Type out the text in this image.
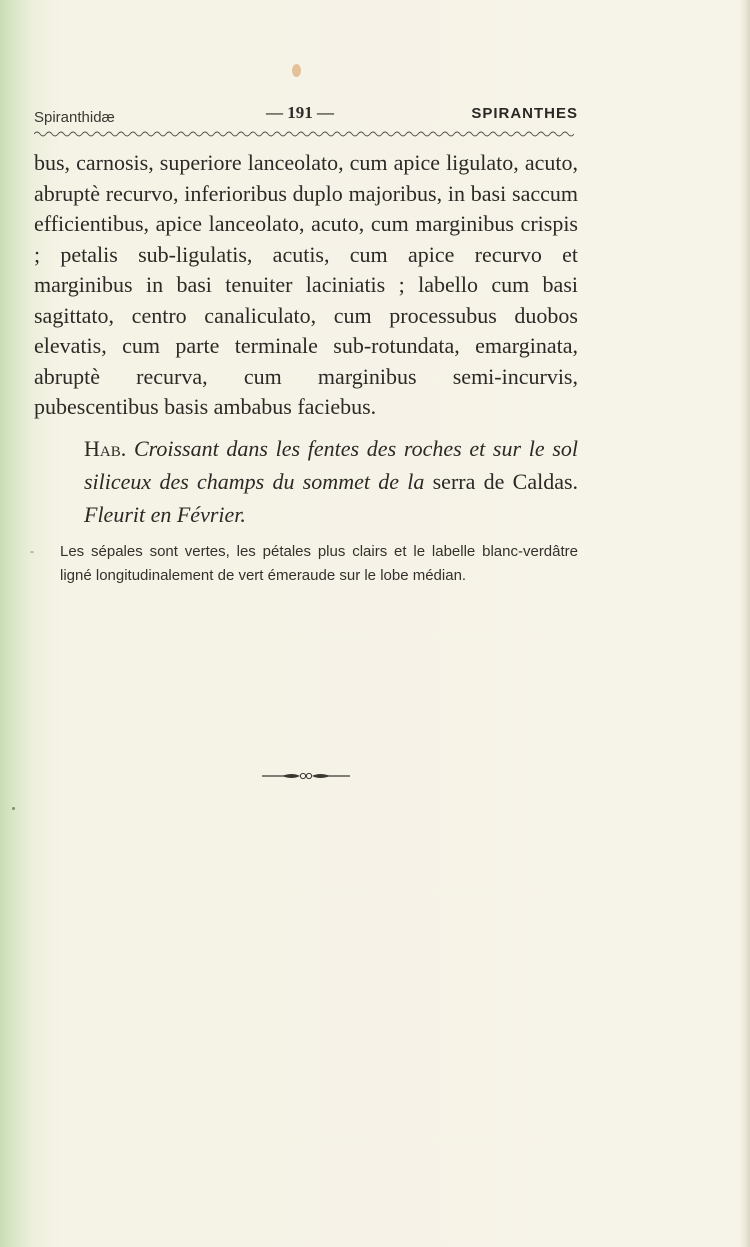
Spiranthidæ	— 191 —	SPIRANTHES

bus, carnosis, superiore lanceolato, cum apice ligulato, acuto, abruptè recurvo, inferioribus duplo majoribus, in basi saccum efficientibus, apice lanceolato, acuto, cum marginibus crispis ; petalis sub-ligulatis, acutis, cum apice recurvo et marginibus in basi tenuiter laciniatis ; labello cum basi sagittato, centro canaliculato, cum processubus duobos elevatis, cum parte terminale sub-rotundata, emarginata, abruptè recurva, cum marginibus semi-incurvis, pubescentibus basis ambabus faciebus.

Hab. Croissant dans les fentes des roches et sur le sol siliceux des champs du sommet de la serra de Caldas. Fleurit en Février.

- Les sépales sont vertes, les pétales plus clairs et le labelle blanc-verdâtre ligné longitudinalement de vert émeraude sur le lobe médian.
